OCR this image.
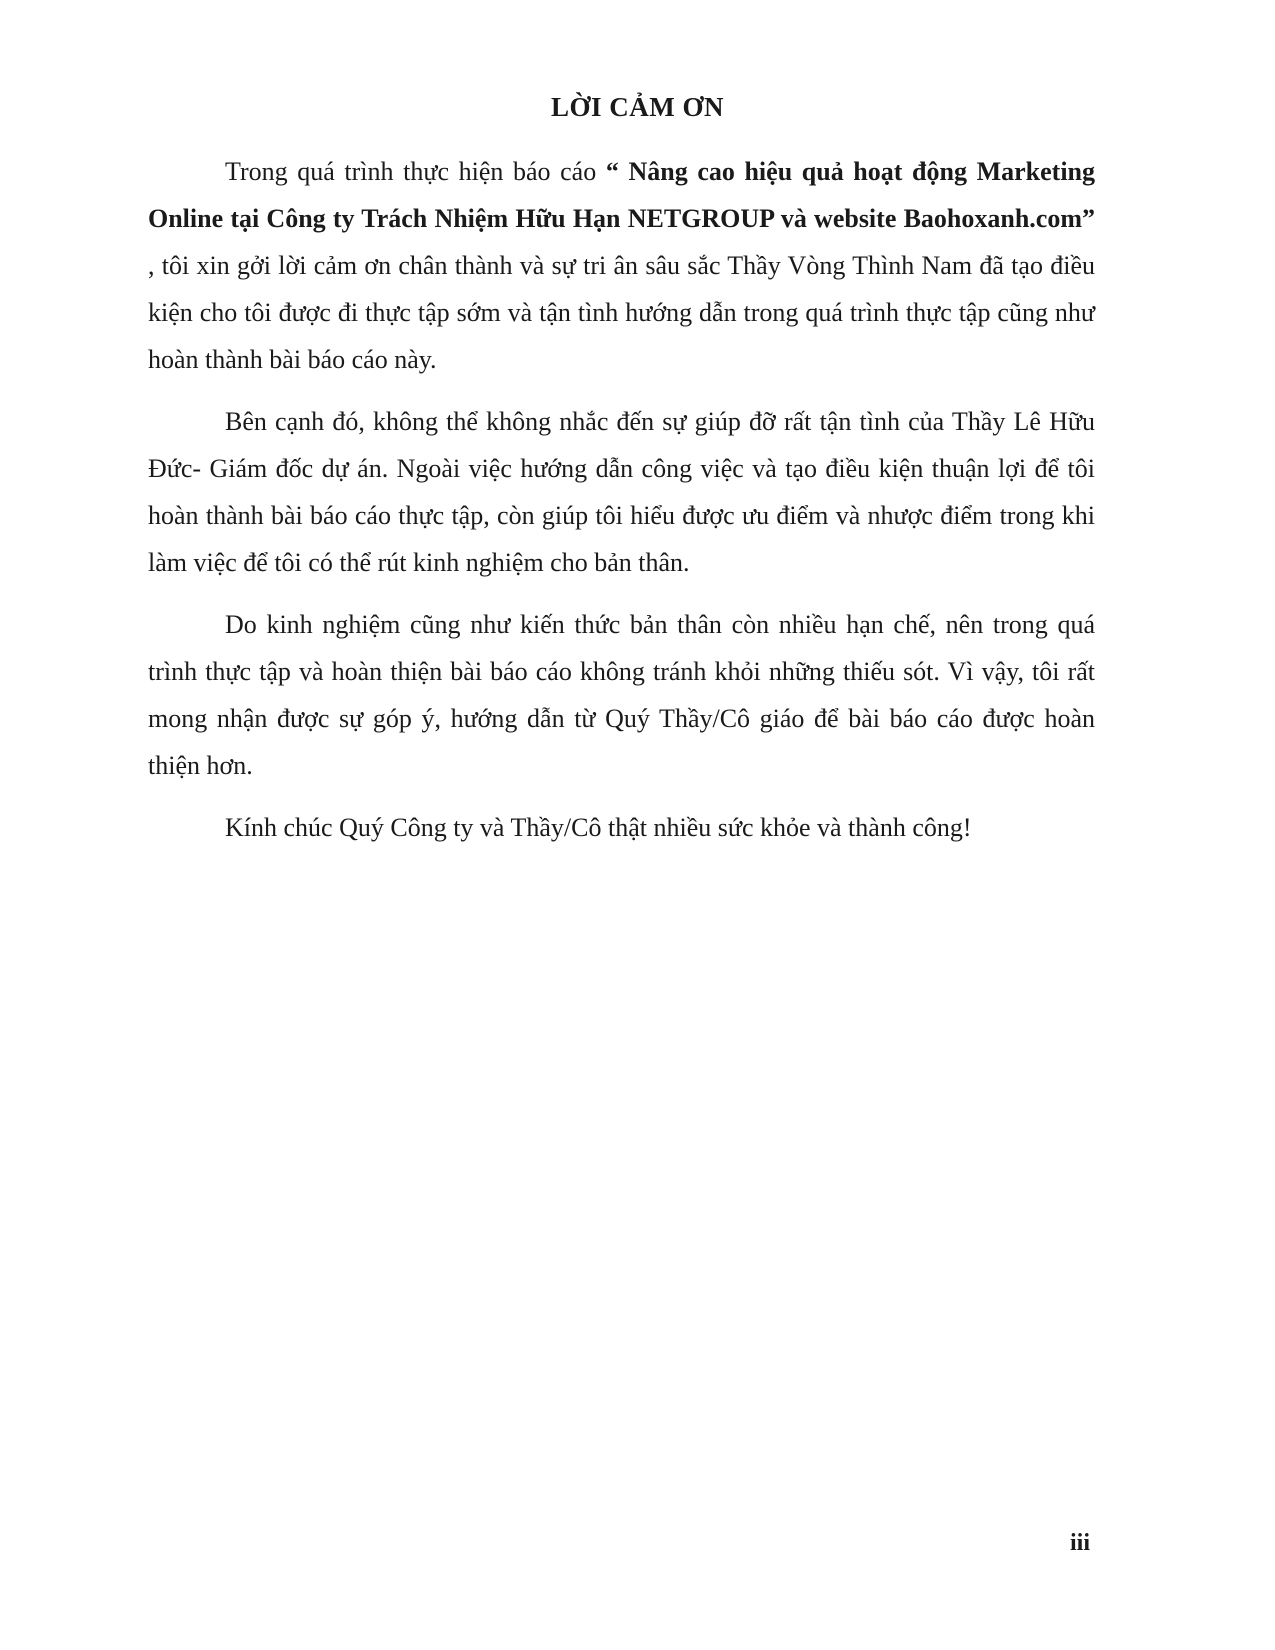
LỜI CẢM ƠN

Trong quá trình thực hiện báo cáo “ Nâng cao hiệu quả hoạt động Marketing Online tại Công ty Trách Nhiệm Hữu Hạn NETGROUP và website Baohoxanh.com” , tôi xin gởi lời cảm ơn chân thành và sự tri ân sâu sắc Thầy Vòng Thình Nam đã tạo điều kiện cho tôi được đi thực tập sớm và tận tình hướng dẫn trong quá trình thực tập cũng như hoàn thành bài báo cáo này.

Bên cạnh đó, không thể không nhắc đến sự giúp đỡ rất tận tình của Thầy Lê Hữu Đức- Giám đốc dự án. Ngoài việc hướng dẫn công việc và tạo điều kiện thuận lợi để tôi hoàn thành bài báo cáo thực tập, còn giúp tôi hiểu được ưu điểm và nhược điểm trong khi làm việc để tôi có thể rút kinh nghiệm cho bản thân.

Do kinh nghiệm cũng như kiến thức bản thân còn nhiều hạn chế, nên trong quá trình thực tập và hoàn thiện bài báo cáo không tránh khỏi những thiếu sót. Vì vậy, tôi rất mong nhận được sự góp ý, hướng dẫn từ Quý Thầy/Cô giáo để bài báo cáo được hoàn thiện hơn.

Kính chúc Quý Công ty và Thầy/Cô thật nhiều sức khỏe và thành công!

iii
